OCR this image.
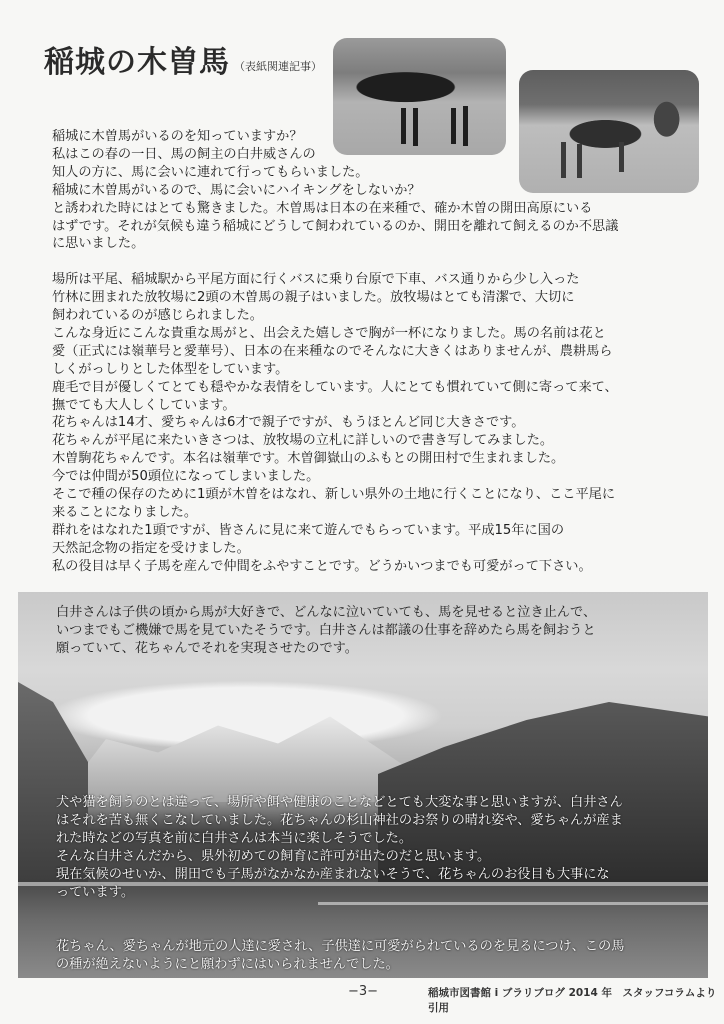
稲城の木曽馬 （表紙関連記事）

稲城に木曽馬がいるのを知っていますか？

私はこの春の一日、馬の飼主の白井威さんの

知人の方に、馬に会いに連れて行ってもらいました。

稲城に木曽馬がいるので、馬に会いにハイキングをしないか？

と誘われた時にはとても驚きました。木曽馬は日本の在来種で、確か木曽の開田高原にいる

はずです。それが気候も違う稲城にどうして飼われているのか、開田を離れて飼えるのか不思議

に思いました。

場所は平尾、稲城駅から平尾方面に行くバスに乗り台原で下車、バス通りから少し入った

竹林に囲まれた放牧場に2頭の木曽馬の親子はいました。放牧場はとても清潔で、大切に

飼われているのが感じられました。

こんな身近にこんな貴重な馬がと、出会えた嬉しさで胸が一杯になりました。馬の名前は花と

愛（正式には嶺華号と愛華号）、日本の在来種なのでそんなに大きくはありませんが、農耕馬ら

しくがっしりとした体型をしています。

鹿毛で目が優しくてとても穏やかな表情をしています。人にとても慣れていて側に寄って来て、

撫でても大人しくしています。

花ちゃんは14才、愛ちゃんは6才で親子ですが、もうほとんど同じ大きさです。

花ちゃんが平尾に来たいきさつは、放牧場の立札に詳しいので書き写してみました。

木曽駒花ちゃんです。本名は嶺華です。木曽御嶽山のふもとの開田村で生まれました。

今では仲間が50頭位になってしまいました。

そこで種の保存のために1頭が木曽をはなれ、新しい県外の土地に行くことになり、ここ平尾に

来ることになりました。

群れをはなれた1頭ですが、皆さんに見に来て遊んでもらっています。平成15年に国の

天然記念物の指定を受けました。

私の役目は早く子馬を産んで仲間をふやすことです。どうかいつまでも可愛がって下さい。

白井さんは子供の頃から馬が大好きで、どんなに泣いていても、馬を見せると泣き止んで、

いつまでもご機嫌で馬を見ていたそうです。白井さんは都議の仕事を辞めたら馬を飼おうと

願っていて、花ちゃんでそれを実現させたのです。

犬や猫を飼うのとは違って、場所や餌や健康のことなどとても大変な事と思いますが、白井さん

はそれを苦も無くこなしていました。花ちゃんの杉山神社のお祭りの晴れ姿や、愛ちゃんが産ま

れた時などの写真を前に白井さんは本当に楽しそうでした。

そんな白井さんだから、県外初めての飼育に許可が出たのだと思います。

現在気候のせいか、開田でも子馬がなかなか産まれないそうで、花ちゃんのお役目も大事にな

っています。

花ちゃん、愛ちゃんが地元の人達に愛され、子供達に可愛がられているのを見るにつけ、この馬

の種が絶えないようにと願わずにはいられませんでした。

−3−	稲城市図書館 i ブラリブログ 2014 年　スタッフコラムより引用
